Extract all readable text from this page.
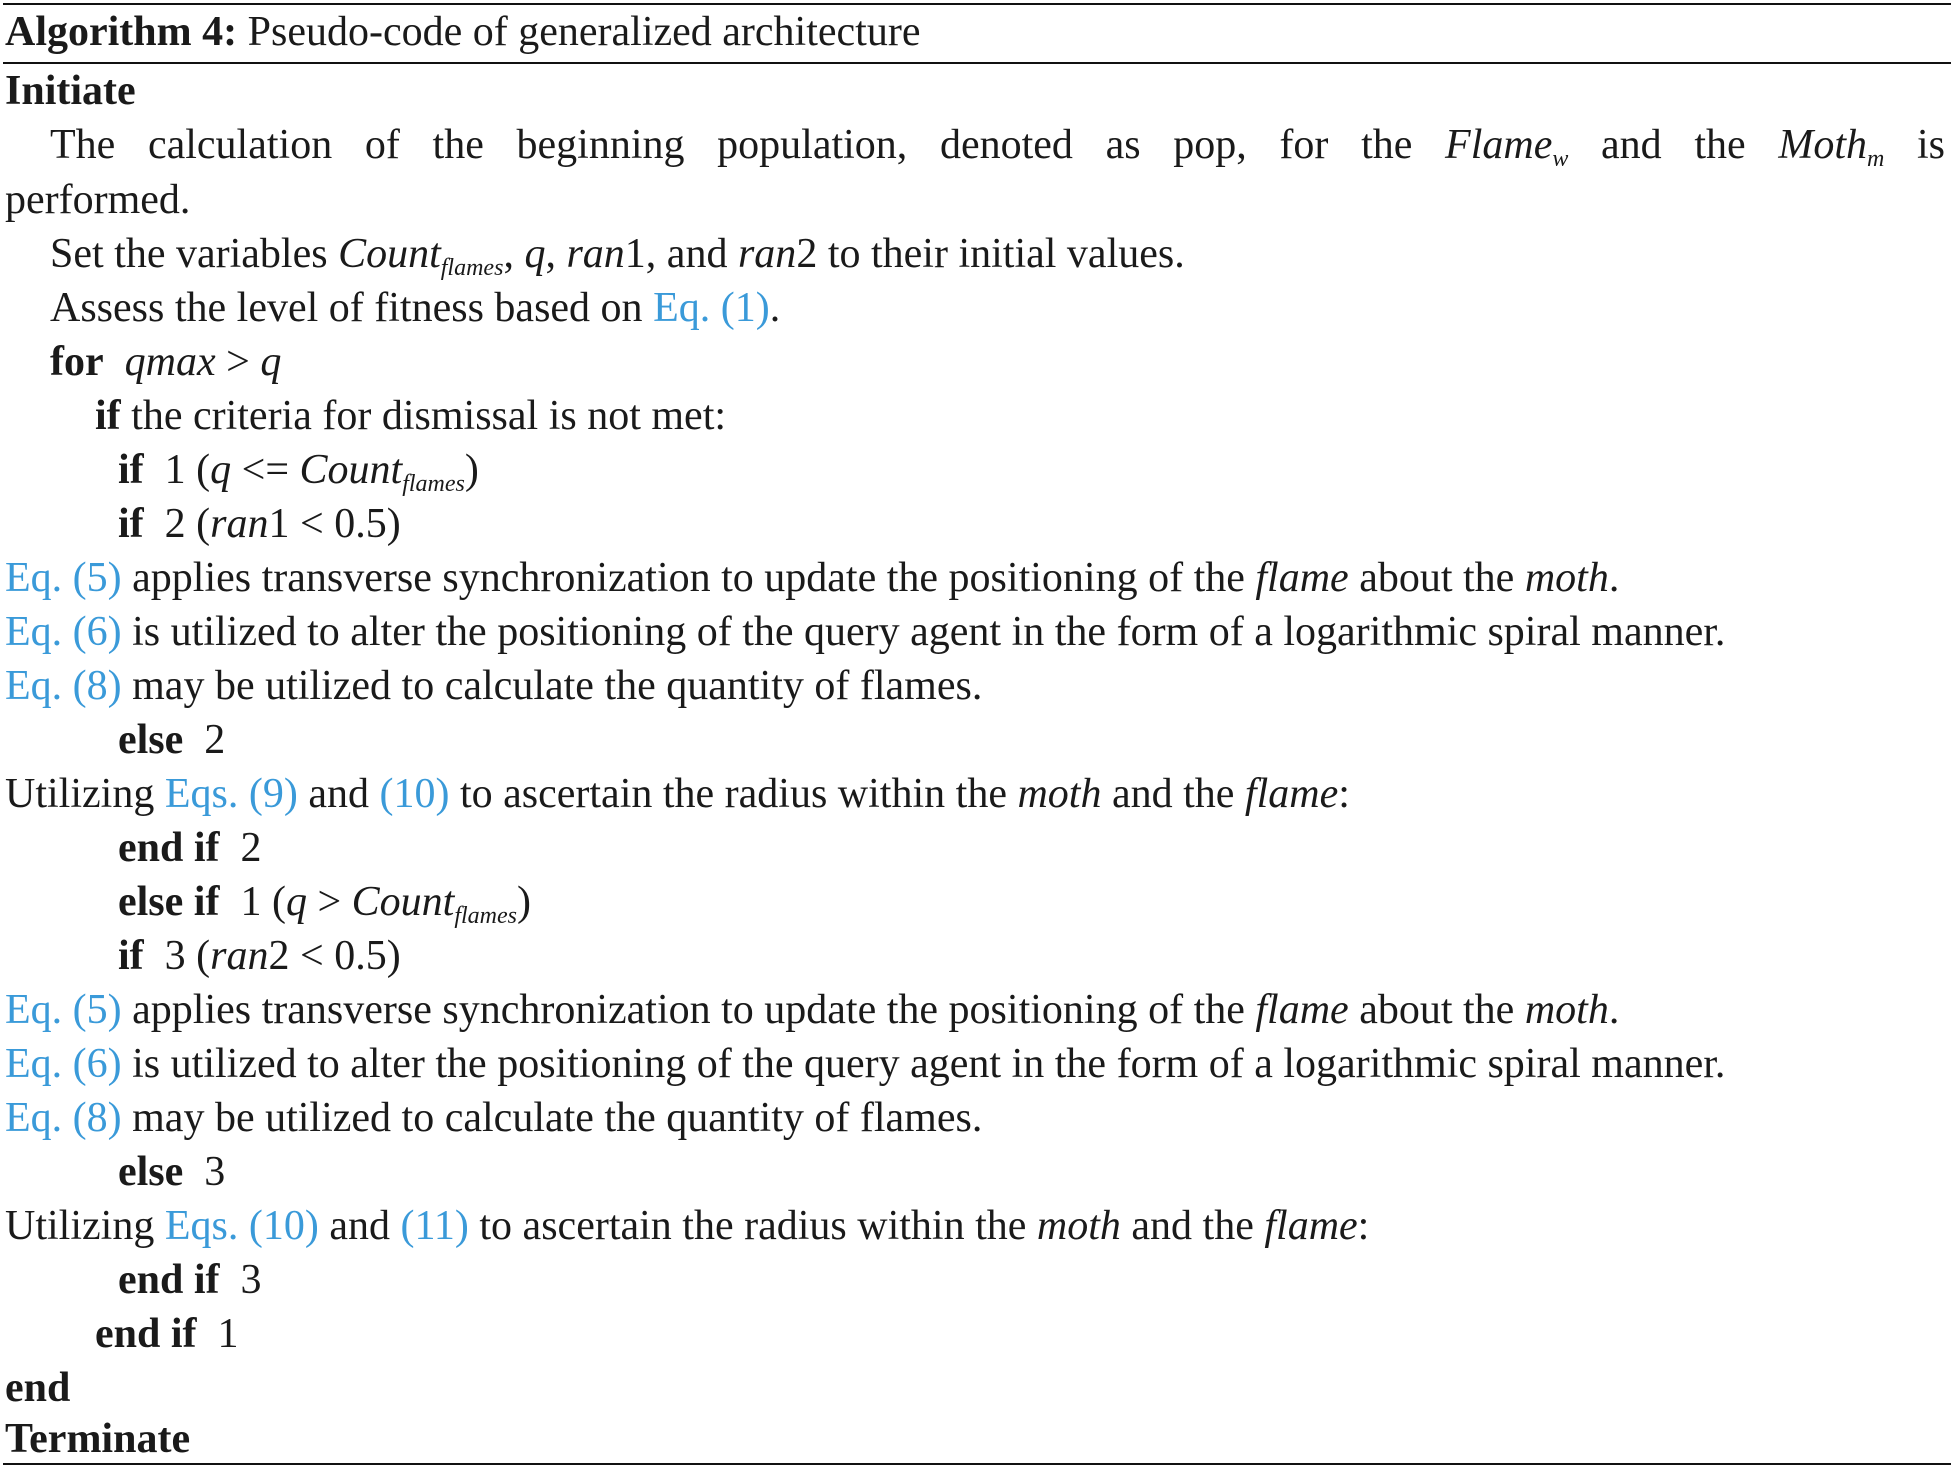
Algorithm 4: Pseudo-code of generalized architecture
Initiate
The calculation of the beginning population, denoted as pop, for the Flame$_w$ and the Moth$_m$ is
performed.
Set the variables Count$_{flames}$, q, ran1, and ran2 to their initial values.
Assess the level of fitness based on Eq. (1).
for qmax > q
if the criteria for dismissal is not met:
if 1 (q <= Count$_{flames}$)
if 2 (ran1 < 0.5)
Eq. (5) applies transverse synchronization to update the positioning of the flame about the moth.
Eq. (6) is utilized to alter the positioning of the query agent in the form of a logarithmic spiral manner.
Eq. (8) may be utilized to calculate the quantity of flames.
else 2
Utilizing Eqs. (9) and (10) to ascertain the radius within the moth and the flame:
end if 2
else if 1 (q > Count$_{flames}$)
if 3 (ran2 < 0.5)
Eq. (5) applies transverse synchronization to update the positioning of the flame about the moth.
Eq. (6) is utilized to alter the positioning of the query agent in the form of a logarithmic spiral manner.
Eq. (8) may be utilized to calculate the quantity of flames.
else 3
Utilizing Eqs. (10) and (11) to ascertain the radius within the moth and the flame:
end if 3
end if 1
end
Terminate
